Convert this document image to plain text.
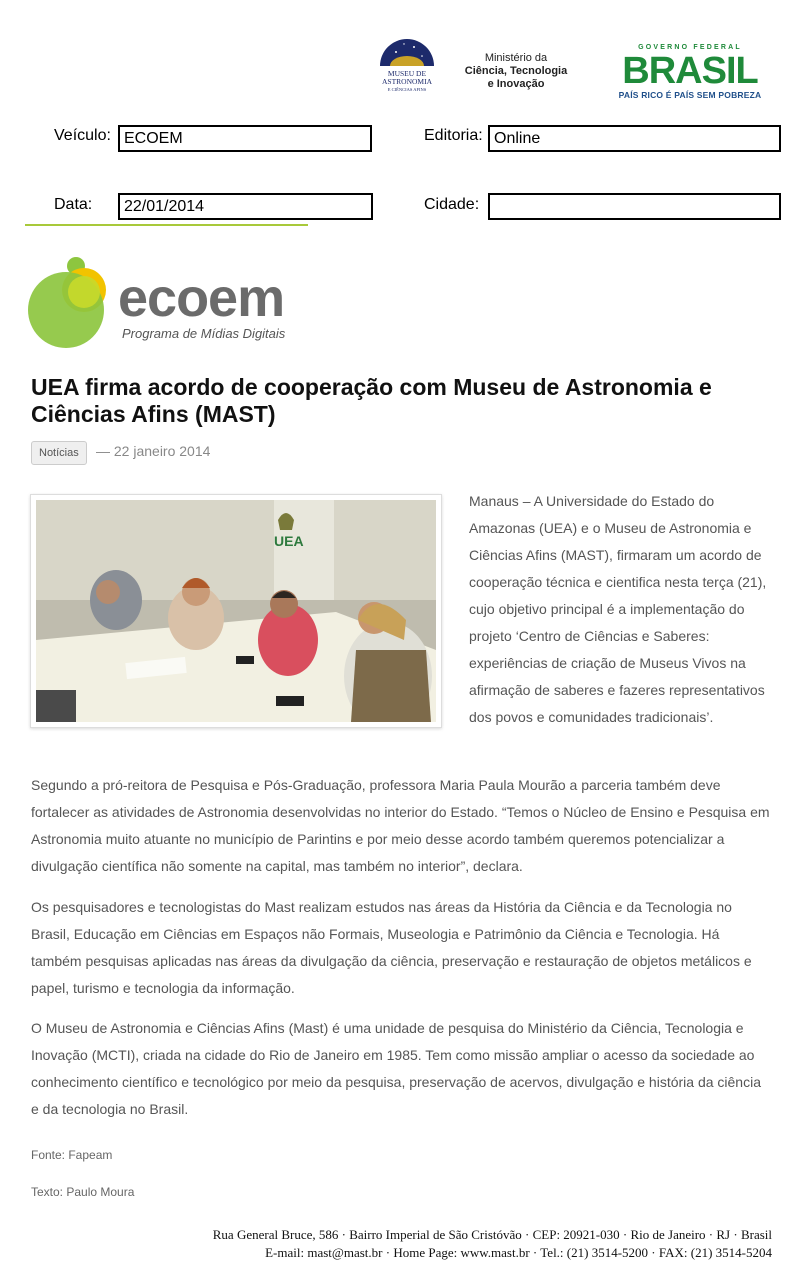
MUSEU DE
ASTRONOMIA
E CIÊNCIAS AFINS
Ministério da
Ciência, Tecnologia
e Inovação
GOVERNO FEDERAL
BRASIL
PAÍS RICO É PAÍS SEM POBREZA
Veículo: ECOEM	Editoria: Online
Data:	22/01/2014	Cidade:
ecoem
Programa de Mídias Digitais
UEA firma acordo de cooperação com Museu de Astronomia e Ciências Afins (MAST)
Notícias	— 22 janeiro 2014
UEA
Manaus – A Universidade do Estado do Amazonas (UEA) e o Museu de Astronomia e Ciências Afins (MAST), firmaram um acordo de cooperação técnica e cientifica nesta terça (21), cujo objetivo principal é a implementação do projeto ‘Centro de Ciências e Saberes: experiências de criação de Museus Vivos na afirmação de saberes e fazeres representativos dos povos e comunidades tradicionais’.
Segundo a pró-reitora de Pesquisa e Pós-Graduação, professora Maria Paula Mourão a parceria também deve fortalecer as atividades de Astronomia desenvolvidas no interior do Estado. “Temos o Núcleo de Ensino e Pesquisa em Astronomia muito atuante no município de Parintins e por meio desse acordo também queremos potencializar a divulgação científica não somente na capital, mas também no interior”, declara.
Os pesquisadores e tecnologistas do Mast realizam estudos nas áreas da História da Ciência e da Tecnologia no Brasil, Educação em Ciências em Espaços não Formais, Museologia e Patrimônio da Ciência e Tecnologia. Há também pesquisas aplicadas nas áreas da divulgação da ciência, preservação e restauração de objetos metálicos e papel, turismo e tecnologia da informação.
O Museu de Astronomia e Ciências Afins (Mast) é uma unidade de pesquisa do Ministério da Ciência, Tecnologia e Inovação (MCTI), criada na cidade do Rio de Janeiro em 1985. Tem como missão ampliar o acesso da sociedade ao conhecimento científico e tecnológico por meio da pesquisa, preservação de acervos, divulgação e história da ciência e da tecnologia no Brasil.
Fonte: Fapeam
Texto: Paulo Moura
Rua General Bruce, 586 · Bairro Imperial de São Cristóvão · CEP: 20921-030 · Rio de Janeiro · RJ · Brasil
E-mail: mast@mast.br · Home Page: www.mast.br · Tel.: (21) 3514-5200 · FAX: (21) 3514-5204
